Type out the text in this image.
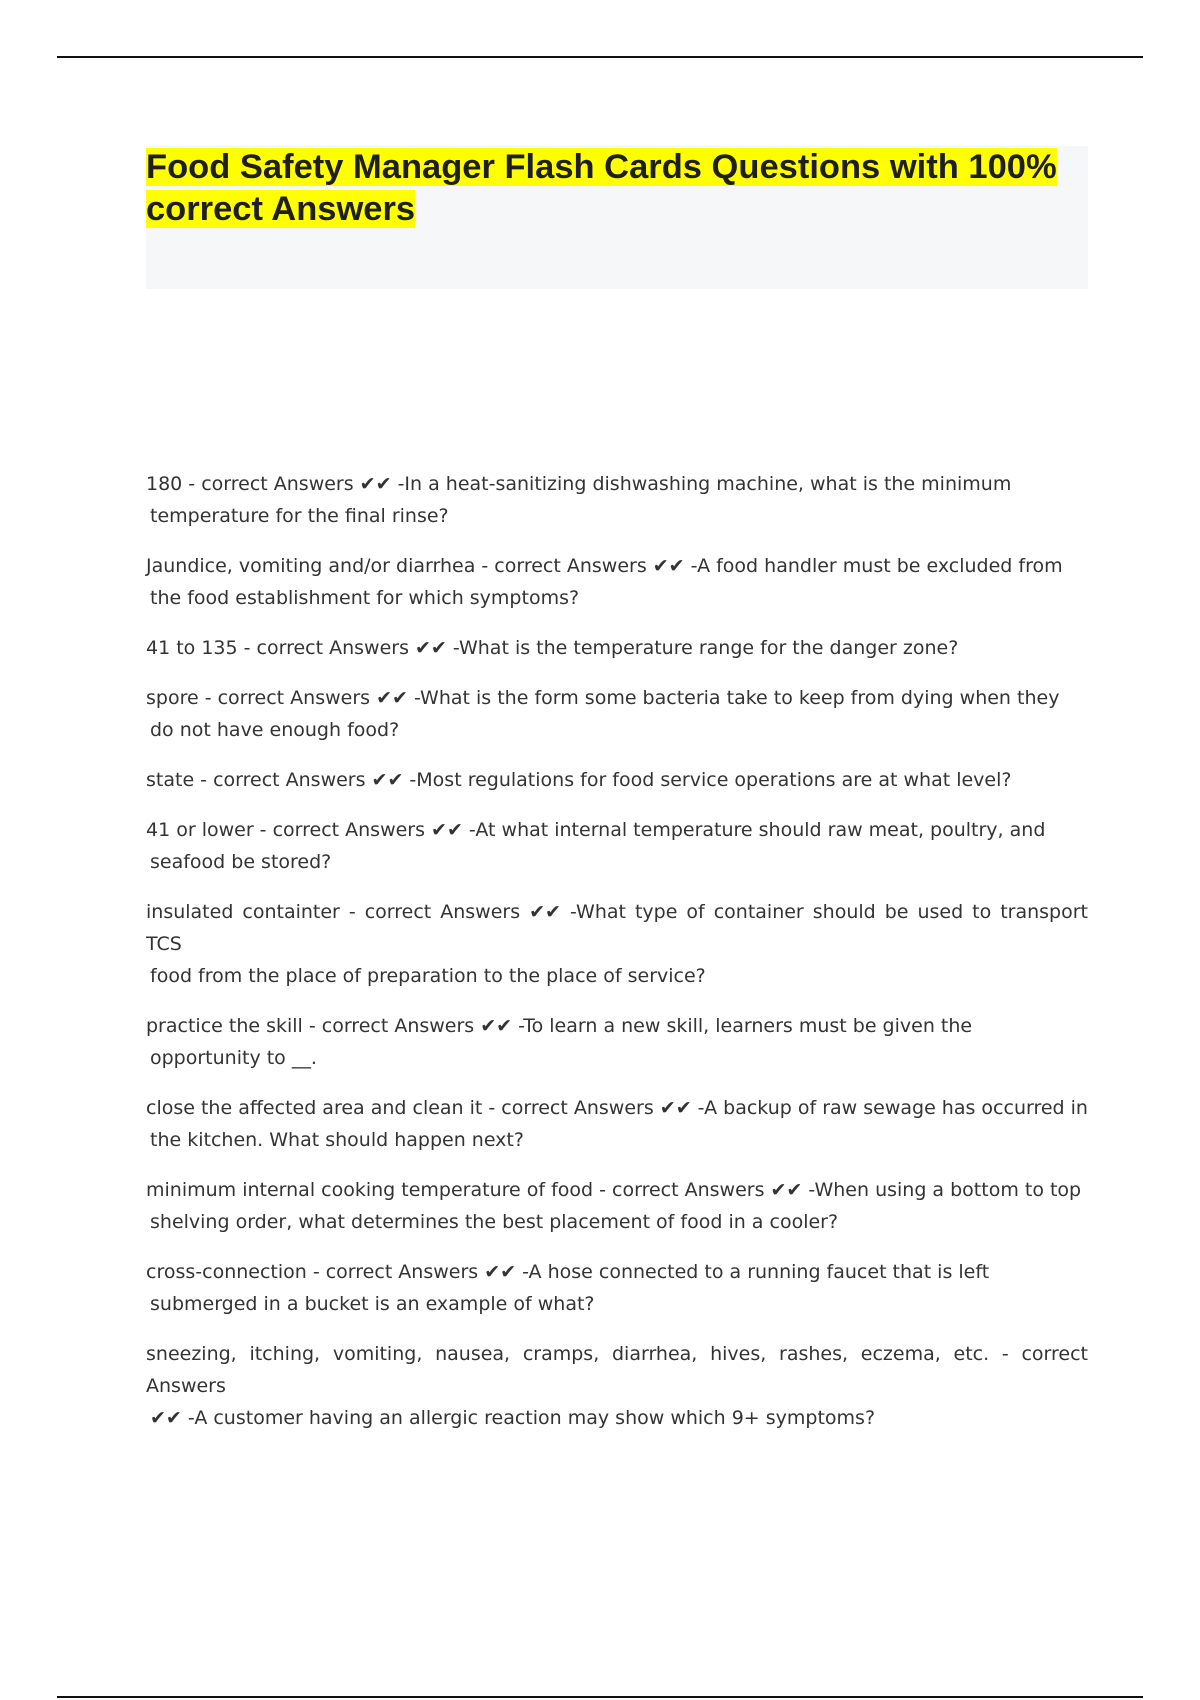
Food Safety Manager Flash Cards Questions with 100% correct Answers

180 - correct Answers ✔✔ -In a heat-sanitizing dishwashing machine, what is the minimum
temperature for the final rinse?

Jaundice, vomiting and/or diarrhea - correct Answers ✔✔ -A food handler must be excluded from
the food establishment for which symptoms?

41 to 135 - correct Answers ✔✔ -What is the temperature range for the danger zone?

spore - correct Answers ✔✔ -What is the form some bacteria take to keep from dying when they
do not have enough food?

state - correct Answers ✔✔ -Most regulations for food service operations are at what level?

41 or lower - correct Answers ✔✔ -At what internal temperature should raw meat, poultry, and
seafood be stored?

insulated containter - correct Answers ✔✔ -What type of container should be used to transport TCS
food from the place of preparation to the place of service?

practice the skill - correct Answers ✔✔ -To learn a new skill, learners must be given the
opportunity to __.

close the affected area and clean it - correct Answers ✔✔ -A backup of raw sewage has occurred in
the kitchen. What should happen next?

minimum internal cooking temperature of food - correct Answers ✔✔ -When using a bottom to top
shelving order, what determines the best placement of food in a cooler?

cross-connection - correct Answers ✔✔ -A hose connected to a running faucet that is left
submerged in a bucket is an example of what?

sneezing, itching, vomiting, nausea, cramps, diarrhea, hives, rashes, eczema, etc. - correct Answers
✔✔ -A customer having an allergic reaction may show which 9+ symptoms?
